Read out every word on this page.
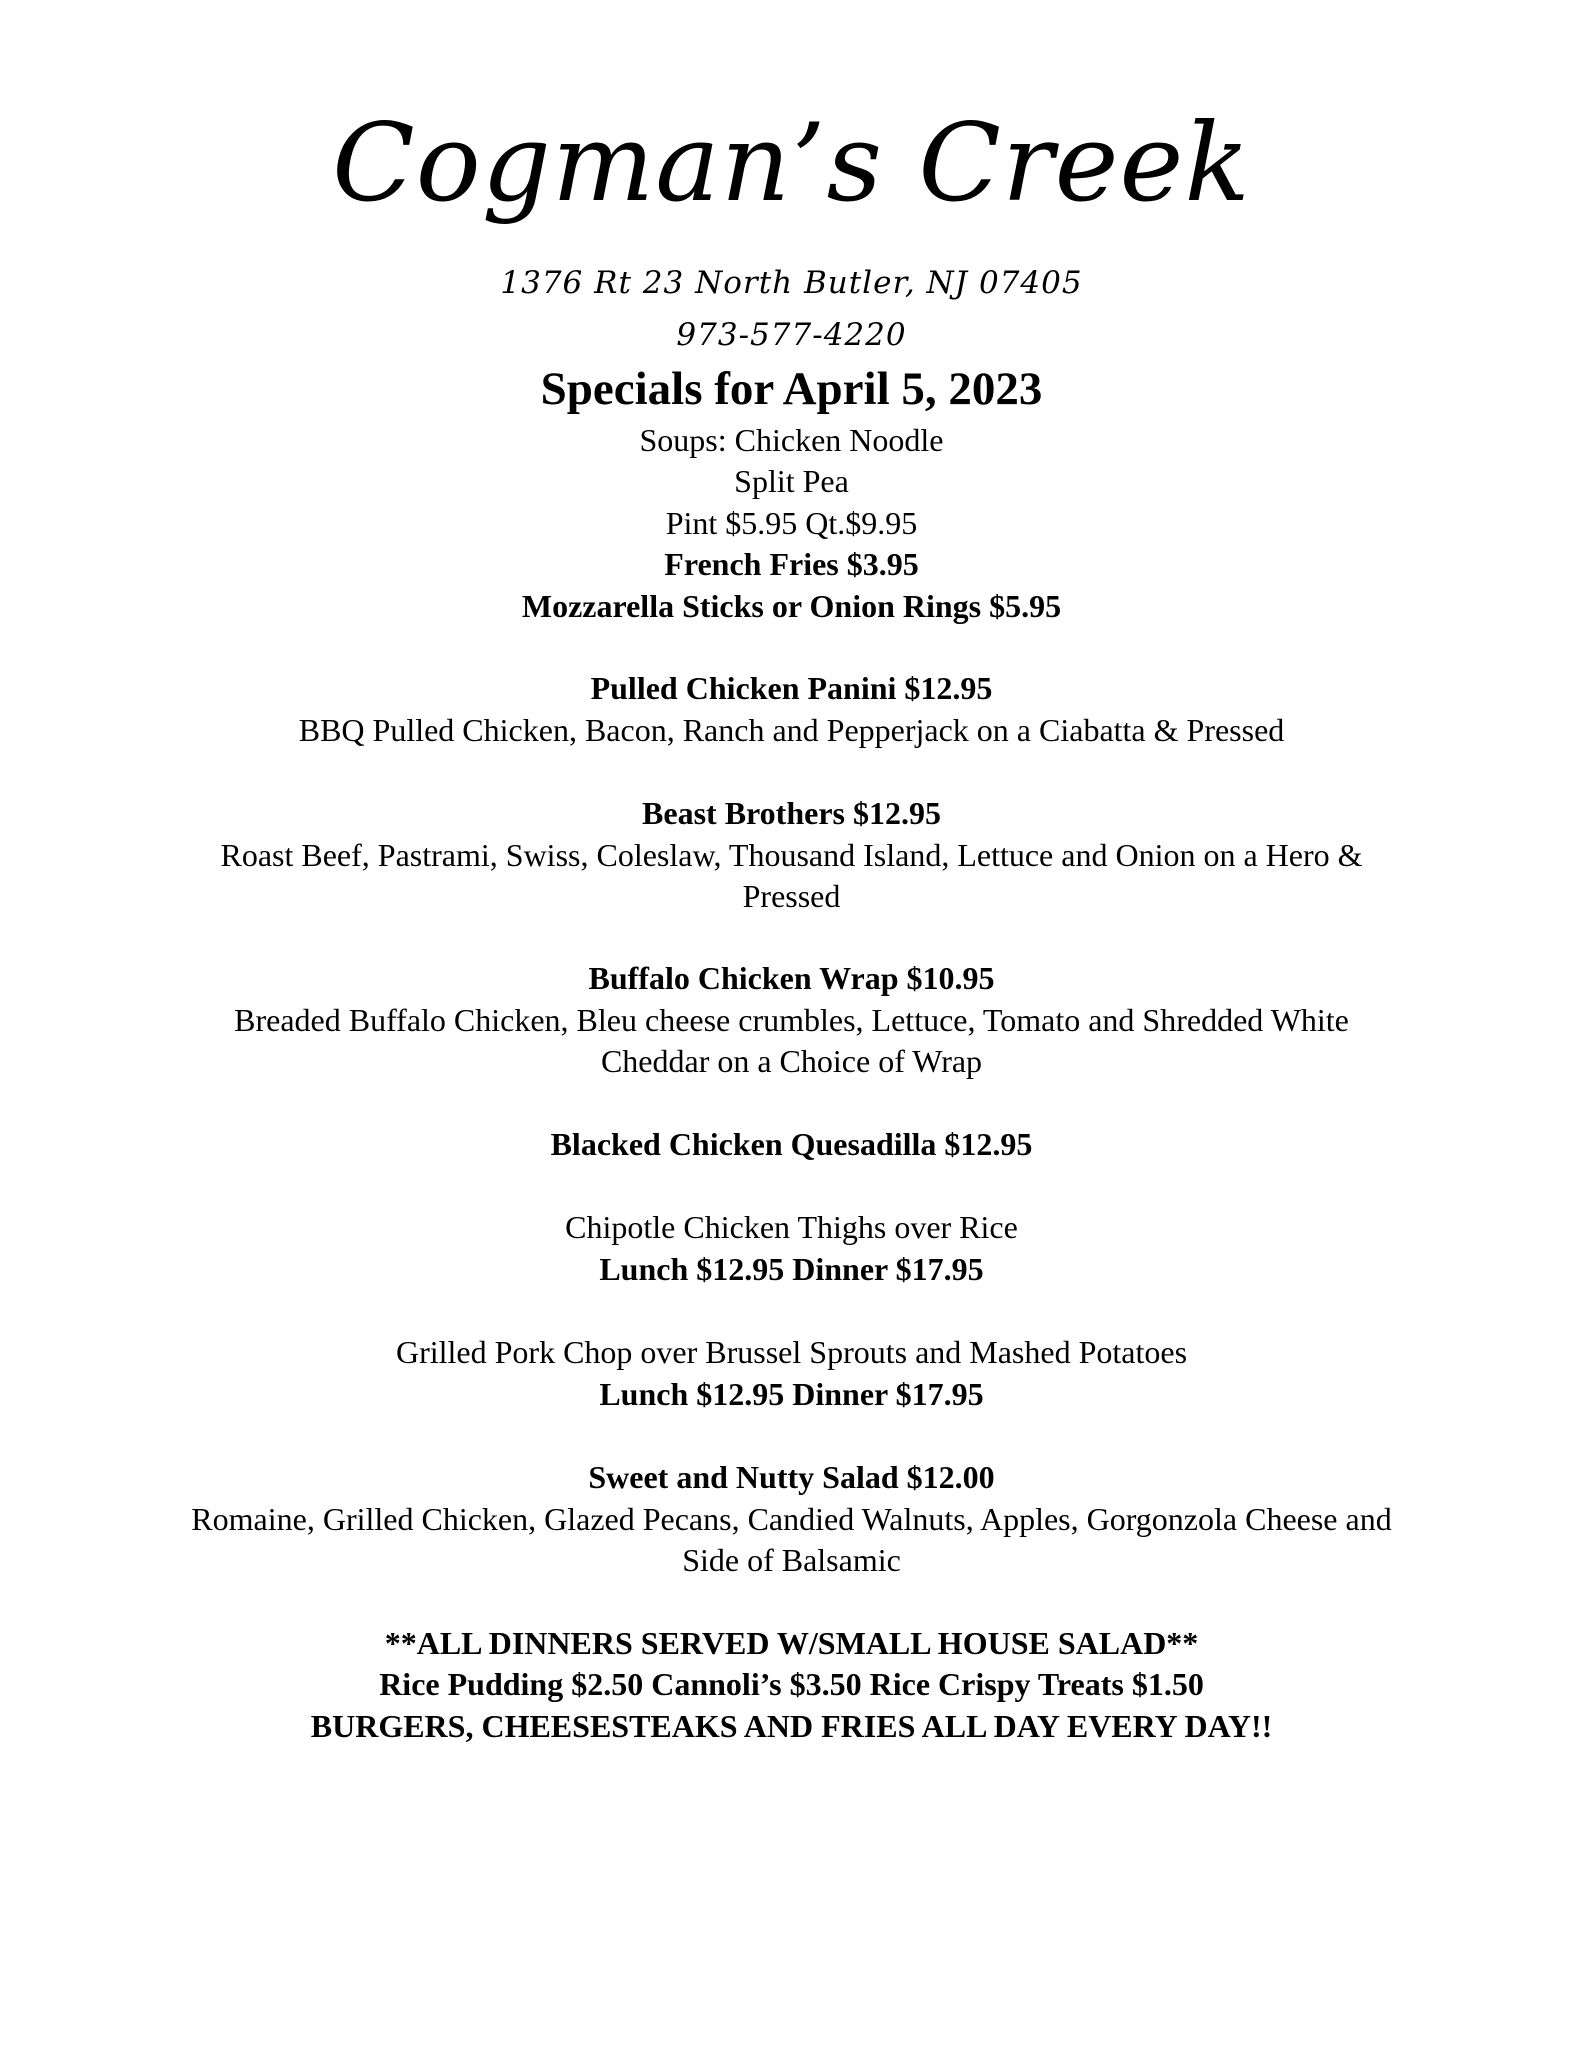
Cogman’s Creek
1376 Rt 23 North Butler, NJ 07405
973-577-4220
Specials for April 5, 2023
Soups: Chicken Noodle
Split Pea
Pint $5.95 Qt.$9.95
French Fries $3.95
Mozzarella Sticks or Onion Rings $5.95
Pulled Chicken Panini $12.95
BBQ Pulled Chicken, Bacon, Ranch and Pepperjack on a Ciabatta & Pressed
Beast Brothers $12.95
Roast Beef, Pastrami, Swiss, Coleslaw, Thousand Island, Lettuce and Onion on a Hero &
Pressed
Buffalo Chicken Wrap $10.95
Breaded Buffalo Chicken, Bleu cheese crumbles, Lettuce, Tomato and Shredded White
Cheddar on a Choice of Wrap
Blacked Chicken Quesadilla $12.95
Chipotle Chicken Thighs over Rice
Lunch $12.95 Dinner $17.95
Grilled Pork Chop over Brussel Sprouts and Mashed Potatoes
Lunch $12.95 Dinner $17.95
Sweet and Nutty Salad $12.00
Romaine, Grilled Chicken, Glazed Pecans, Candied Walnuts, Apples, Gorgonzola Cheese and
Side of Balsamic
**ALL DINNERS SERVED W/SMALL HOUSE SALAD**
Rice Pudding $2.50 Cannoli’s $3.50 Rice Crispy Treats $1.50
BURGERS, CHEESESTEAKS AND FRIES ALL DAY EVERY DAY!!
